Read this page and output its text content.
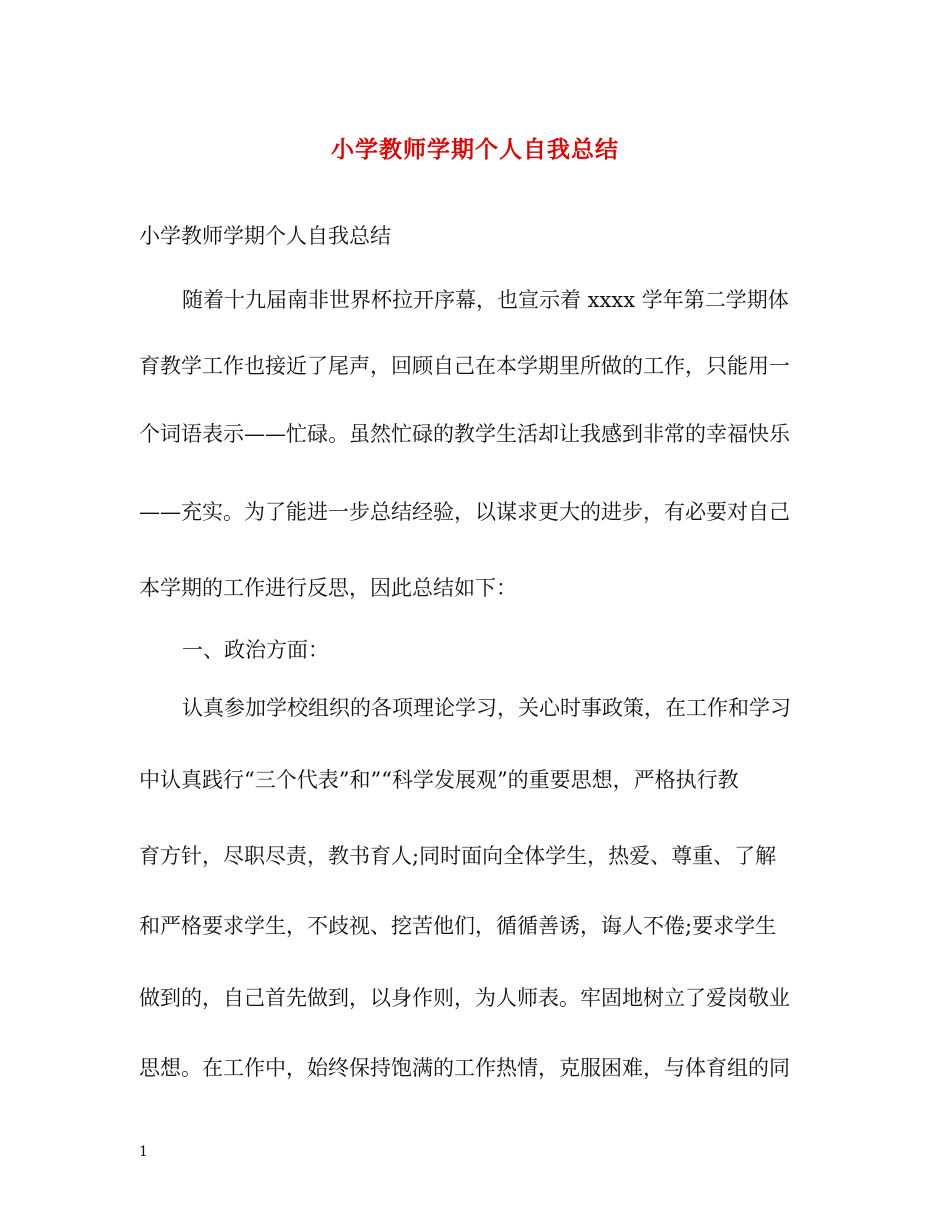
小学教师学期个人自我总结
小学教师学期个人自我总结
随着十九届南非世界杯拉开序幕，也宣示着 xxxx 学年第二学期体
育教学工作也接近了尾声，回顾自己在本学期里所做的工作，只能用一
个词语表示——忙碌。虽然忙碌的教学生活却让我感到非常的幸福快乐
——充实。为了能进一步总结经验，以谋求更大的进步，有必要对自己
本学期的工作进行反思，因此总结如下：
一、政治方面：
认真参加学校组织的各项理论学习，关心时事政策，在工作和学习
中认真践行“三个代表”和”“科学发展观”的重要思想，严格执行教
育方针，尽职尽责，教书育人;同时面向全体学生，热爱、尊重、了解
和严格要求学生，不歧视、挖苦他们，循循善诱，诲人不倦;要求学生
做到的，自己首先做到，以身作则，为人师表。牢固地树立了爱岗敬业
思想。在工作中，始终保持饱满的工作热情，克服困难，与体育组的同
1
